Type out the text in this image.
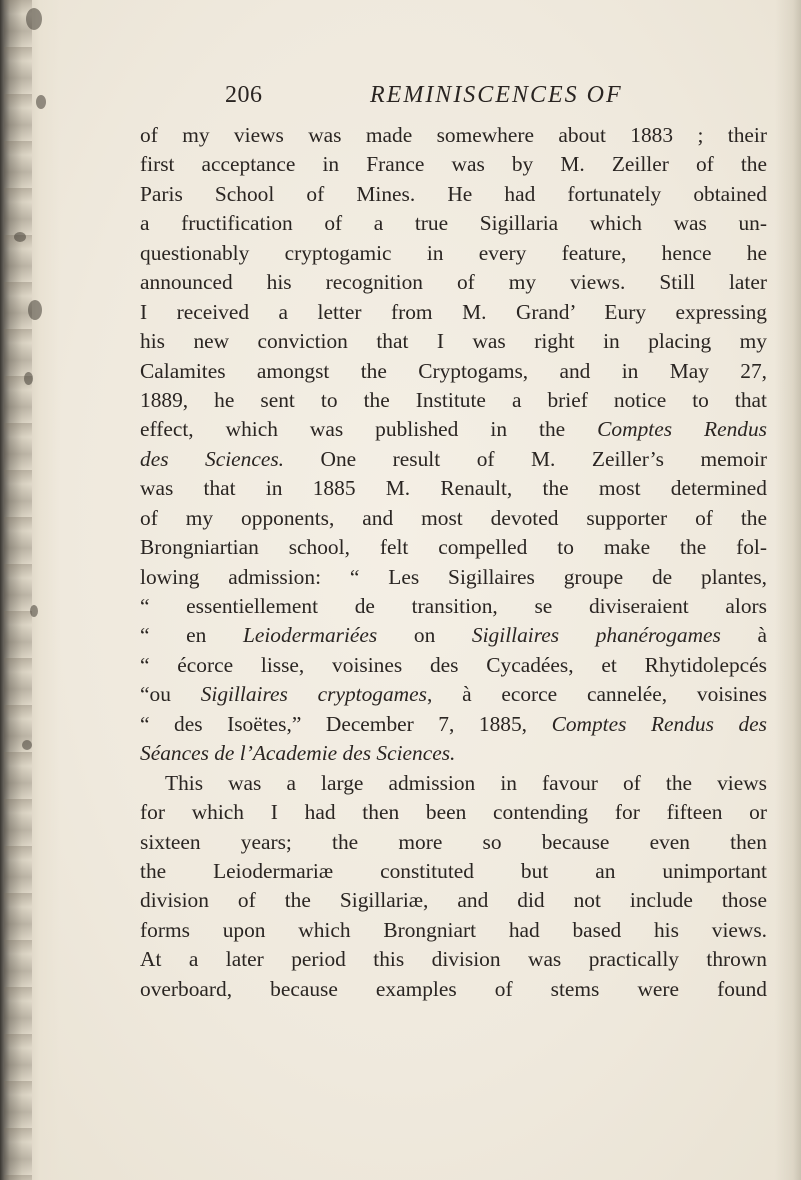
206	REMINISCENCES OF
of my views was made somewhere about 1883 ; their
first acceptance in France was by M. Zeiller of the
Paris School of Mines. He had fortunately obtained
a fructification of a true Sigillaria which was un-
questionably cryptogamic in every feature, hence he
announced his recognition of my views. Still later
I received a letter from M. Grand’ Eury expressing
his new conviction that I was right in placing my
Calamites amongst the Cryptogams, and in May 27,
1889, he sent to the Institute a brief notice to that
effect, which was published in the Comptes Rendus
des Sciences. One result of M. Zeiller’s memoir
was that in 1885 M. Renault, the most determined
of my opponents, and most devoted supporter of the
Brongniartian school, felt compelled to make the fol-
lowing admission: “ Les Sigillaires groupe de plantes,
“ essentiellement de transition, se diviseraient alors
“ en Leiodermariées on Sigillaires phanérogames à
“ écorce lisse, voisines des Cycadées, et Rhytidolepcés
“ou Sigillaires cryptogames, à ecorce cannelée, voisines
“ des Isoëtes,” December 7, 1885, Comptes Rendus des
Séances de l’Academie des Sciences.
This was a large admission in favour of the views
for which I had then been contending for fifteen or
sixteen years; the more so because even then
the Leiodermariæ constituted but an unimportant
division of the Sigillariæ, and did not include those
forms upon which Brongniart had based his views.
At a later period this division was practically thrown
overboard, because examples of stems were found
